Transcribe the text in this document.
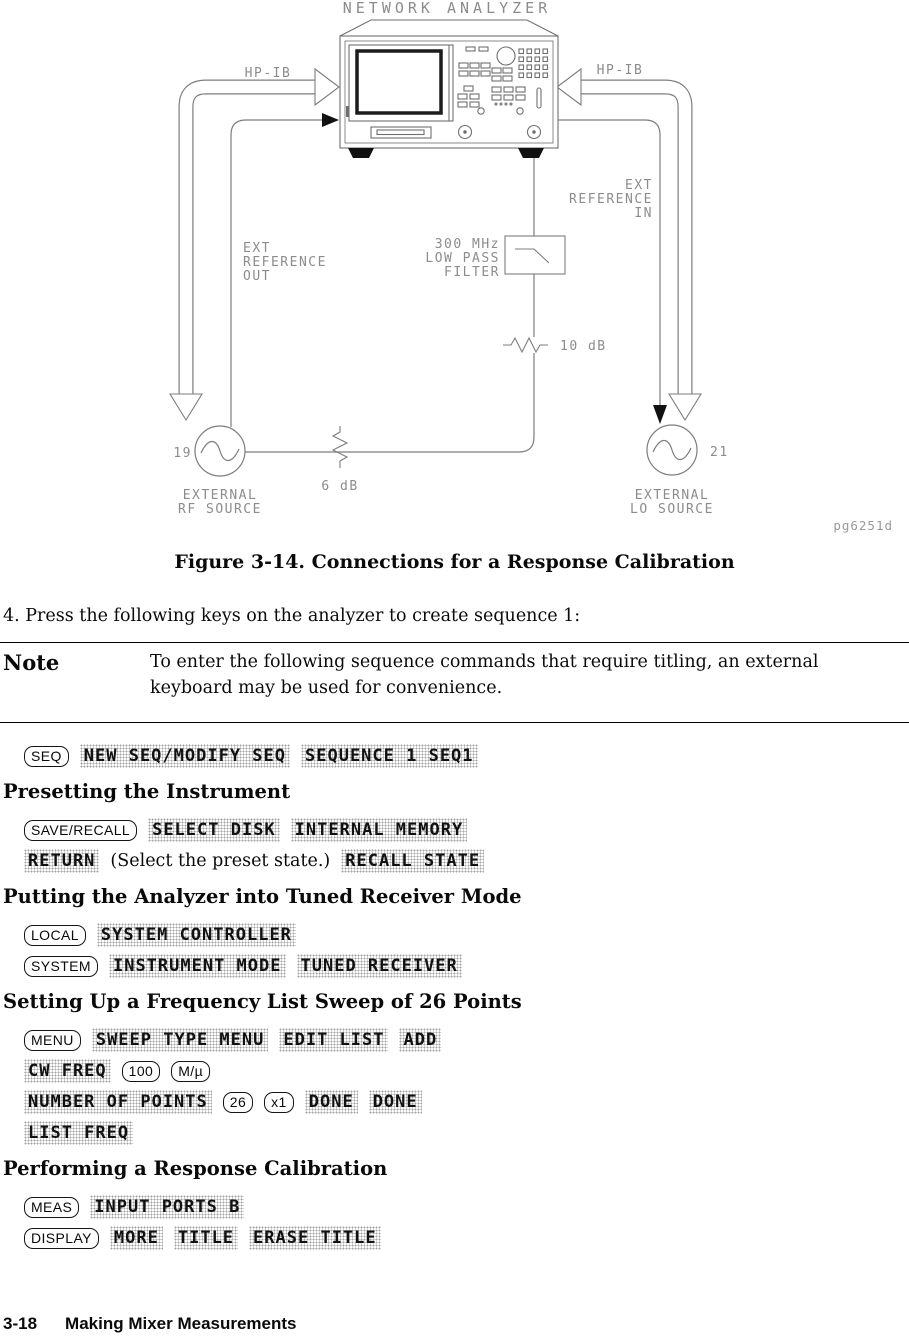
NETWORK ANALYZER
HP-IB	HP-IB
EXT
REFERENCE
OUT
EXT
REFERENCE
IN
300 MHz
LOW PASS
FILTER
10 dB
6 dB
19	21
EXTERNAL
RF SOURCE
EXTERNAL
LO SOURCE
pg6251d
Figure 3-14. Connections for a Response Calibration
4. Press the following keys on the analyzer to create sequence 1:
Note	To enter the following sequence commands that require titling, an external keyboard may be used for convenience.
SEQ	NEW SEQ/MODIFY SEQ SEQUENCE 1 SEQ1
Presetting the Instrument
SAVE/RECALL	SELECT DISK INTERNAL MEMORY
RETURN (Select the preset state.) RECALL STATE
Putting the Analyzer into Tuned Receiver Mode
LOCAL	SYSTEM CONTROLLER
SYSTEM	INSTRUMENT MODE TUNED RECEIVER
Setting Up a Frequency List Sweep of 26 Points
MENU	SWEEP TYPE MENU EDIT LIST ADD
CW FREQ	100	M/µ
NUMBER OF POINTS	26	x1	DONE DONE
LIST FREQ
Performing a Response Calibration
MEAS	INPUT PORTS B
DISPLAY	MORE TITLE ERASE TITLE
3-18 Making Mixer Measurements
